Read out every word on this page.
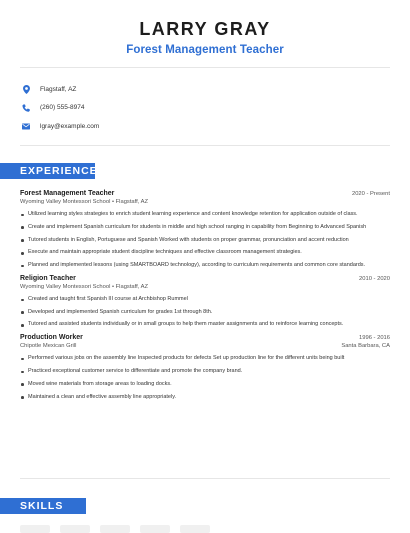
LARRY GRAY
Forest Management Teacher
Flagstaff, AZ
(260) 555-8974
lgray@example.com
EXPERIENCE
Forest Management Teacher	2020 - Present
Wyoming Valley Montessori School • Flagstaff, AZ
Utilized learning styles strategies to enrich student learning experience and content knowledge retention for application outside of class.
Create and implement Spanish curriculum for students in middle and high school ranging in capability from Beginning to Advanced Spanish
Tutored students in English, Portuguese and Spanish Worked with students on proper grammar, pronunciation and accent reduction
Execute and maintain appropriate student discipline techniques and effective classroom management strategies.
Planned and implemented lessons (using SMARTBOARD technology), according to curriculum requirements and common core standards.
Religion Teacher	2010 - 2020
Wyoming Valley Montessori School • Flagstaff, AZ
Created and taught first Spanish III course at Archbishop Rummel
Developed and implemented Spanish curriculum for grades 1st through 8th.
Tutored and assisted students individually or in small groups to help them master assignments and to reinforce learning concepts.
Production Worker	1996 - 2016
Chipotle Mexican Grill	Santa Barbara, CA
Performed various jobs on the assembly line Inspected products for defects Set up production line for the different units being built
Practiced exceptional customer service to differentiate and promote the company brand.
Moved wine materials from storage areas to loading docks.
Maintained a clean and effective assembly line appropriately.
SKILLS
